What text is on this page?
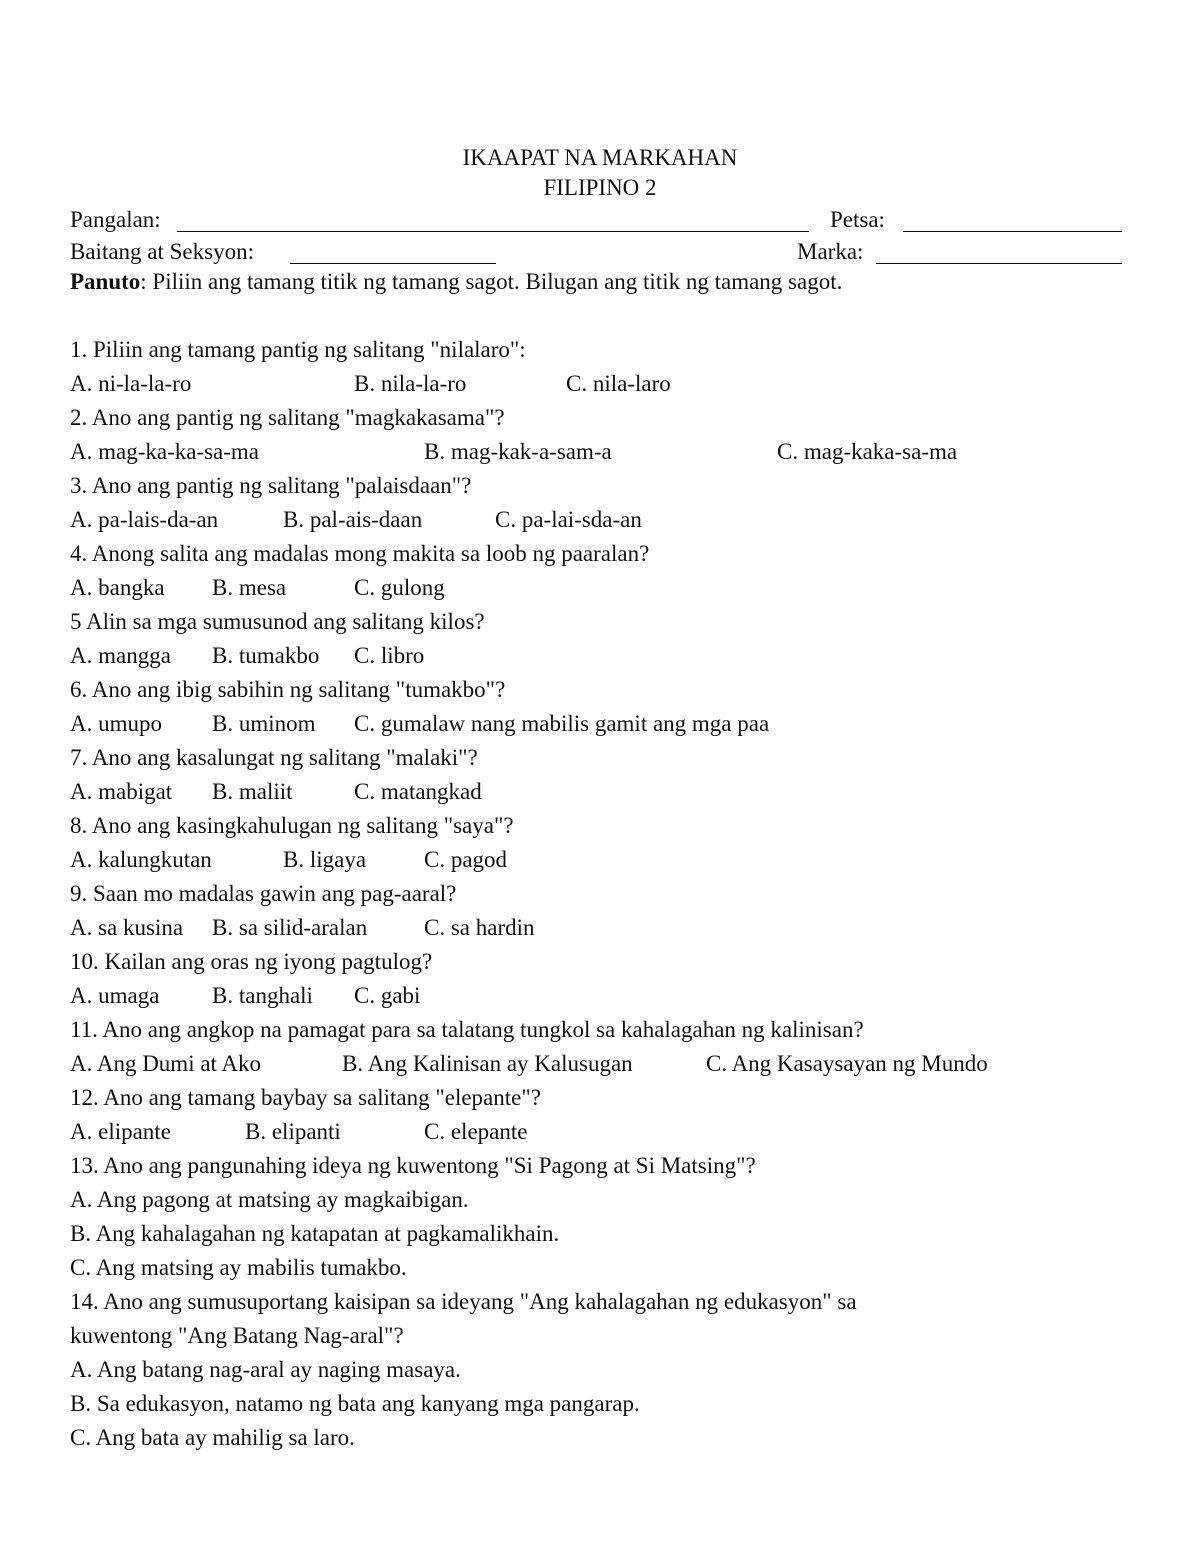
IKAAPAT NA MARKAHAN
FILIPINO 2
Pangalan:	Petsa:
Baitang at Seksyon:	Marka:
Panuto: Piliin ang tamang titik ng tamang sagot. Bilugan ang titik ng tamang sagot.
1. Piliin ang tamang pantig ng salitang "nilalaro":
A. ni-la-la-ro	B. nila-la-ro	C. nila-laro
2. Ano ang pantig ng salitang "magkakasama"?
A. mag-ka-ka-sa-ma	B. mag-kak-a-sam-a	C. mag-kaka-sa-ma
3. Ano ang pantig ng salitang "palaisdaan"?
A. pa-lais-da-an	B. pal-ais-daan	C. pa-lai-sda-an
4. Anong salita ang madalas mong makita sa loob ng paaralan?
A. bangka B. mesa	C. gulong
5 Alin sa mga sumusunod ang salitang kilos?
A. mangga B. tumakbo C. libro
6. Ano ang ibig sabihin ng salitang "tumakbo"?
A. umupo B. uminom C. gumalaw nang mabilis gamit ang mga paa
7. Ano ang kasalungat ng salitang "malaki"?
A. mabigat B. maliit	C. matangkad
8. Ano ang kasingkahulugan ng salitang "saya"?
A. kalungkutan	B. ligaya	C. pagod
9. Saan mo madalas gawin ang pag-aaral?
A. sa kusina B. sa silid-aralan C. sa hardin
10. Kailan ang oras ng iyong pagtulog?
A. umaga B. tanghali C. gabi
11. Ano ang angkop na pamagat para sa talatang tungkol sa kahalagahan ng kalinisan?
A. Ang Dumi at Ako	B. Ang Kalinisan ay Kalusugan	C. Ang Kasaysayan ng Mundo
12. Ano ang tamang baybay sa salitang "elepante"?
A. elipante	B. elipanti	C. elepante
13. Ano ang pangunahing ideya ng kuwentong "Si Pagong at Si Matsing"?
A. Ang pagong at matsing ay magkaibigan.
B. Ang kahalagahan ng katapatan at pagkamalikhain.
C. Ang matsing ay mabilis tumakbo.
14. Ano ang sumusuportang kaisipan sa ideyang "Ang kahalagahan ng edukasyon" sa
kuwentong "Ang Batang Nag-aral"?
A. Ang batang nag-aral ay naging masaya.
B. Sa edukasyon, natamo ng bata ang kanyang mga pangarap.
C. Ang bata ay mahilig sa laro.
